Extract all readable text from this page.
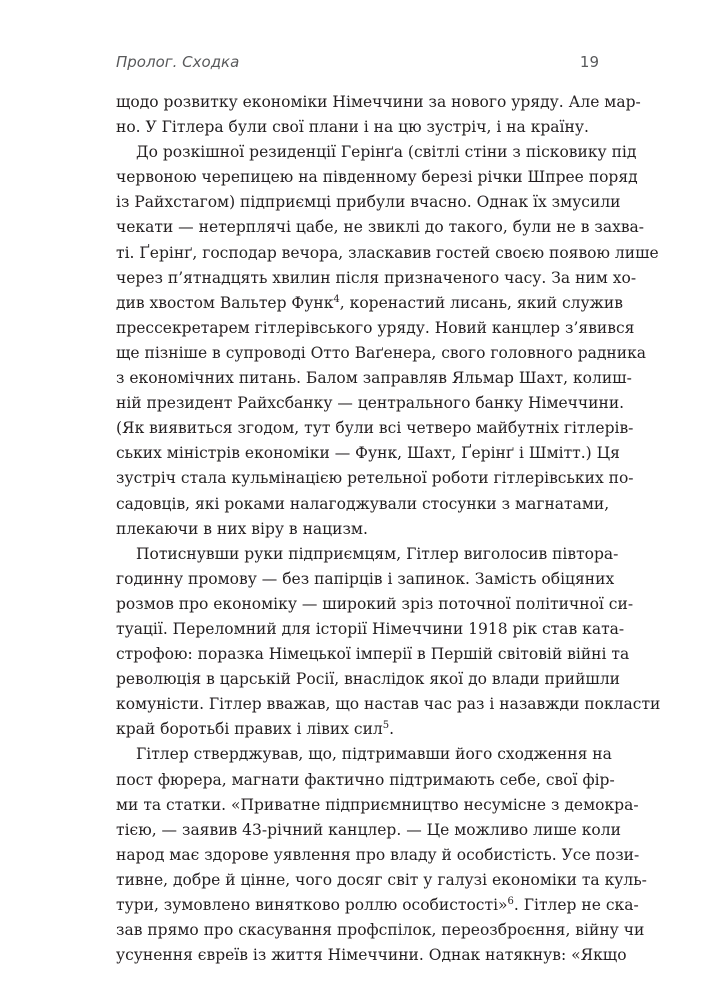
Пролог. Сходка	19
щодо розвитку економіки Німеччини за нового уряду. Але мар-
но. У Гітлера були свої плани і на цю зустріч, і на країну.
До розкішної резиденції Герінґа (світлі стіни з пісковику під
червоною черепицею на південному березі річки Шпрее поряд
із Райхстагом) підприємці прибули вчасно. Однак їх змусили
чекати — нетерплячі цабе, не звиклі до такого, були не в захва-
ті. Ґерінґ, господар вечора, зласкавив гостей своєю появою лише
через п’ятнадцять хвилин після призначеного часу. За ним хо-
див хвостом Вальтер Функ$^4$, коренастий лисань, який служив
прессекретарем гітлерівського уряду. Новий канцлер з’явився
ще пізніше в супроводі Отто Ваґенера, свого головного радника
з економічних питань. Балом заправляв Яльмар Шахт, колиш-
ній президент Райхсбанку — центрального банку Німеччини.
(Як виявиться згодом, тут були всі четверо майбутніх гітлерів-
ських міністрів економіки — Функ, Шахт, Ґерінґ і Шмітт.) Ця
зустріч стала кульмінацією ретельної роботи гітлерівських по-
садовців, які роками налагоджували стосунки з магнатами,
плекаючи в них віру в нацизм.
Потиснувши руки підприємцям, Гітлер виголосив півтора-
годинну промову — без папірців і запинок. Замість обіцяних
розмов про економіку — широкий зріз поточної політичної си-
туації. Переломний для історії Німеччини 1918 рік став ката-
строфою: поразка Німецької імперії в Першій світовій війні та
революція в царській Росії, внаслідок якої до влади прийшли
комуністи. Гітлер вважав, що настав час раз і назавжди покласти
край боротьбі правих і лівих сил$^5$.
Гітлер стверджував, що, підтримавши його сходження на
пост фюрера, магнати фактично підтримають себе, свої фір-
ми та статки. «Приватне підприємництво несумісне з демокра-
тією, — заявив 43-річний канцлер. — Це можливо лише коли
народ має здорове уявлення про владу й особистість. Усе пози-
тивне, добре й цінне, чого досяг світ у галузі економіки та куль-
тури, зумовлено винятково роллю особистості»$^6$. Гітлер не ска-
зав прямо про скасування профспілок, переозброєння, війну чи
усунення євреїв із життя Німеччини. Однак натякнув: «Якщо
